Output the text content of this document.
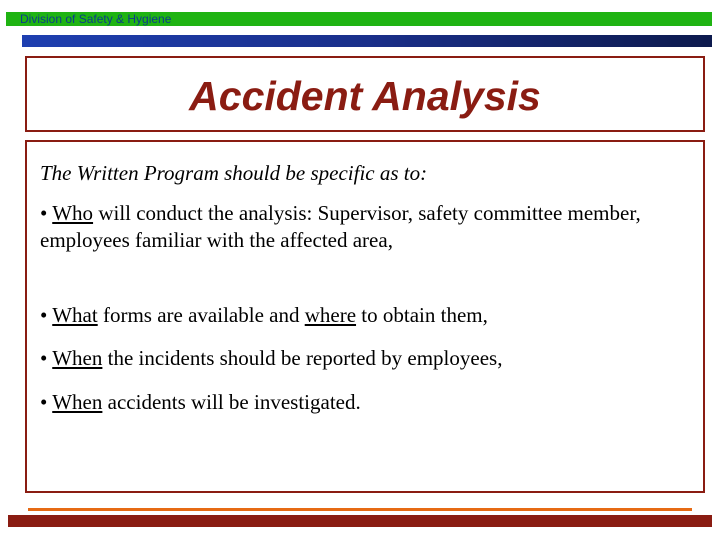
Division of Safety & Hygiene
Accident Analysis
The Written Program should be specific as to:
• Who will conduct the analysis: Supervisor, safety committee member, employees familiar with the affected area,
• What forms are available and where to obtain them,
• When the incidents should be reported by employees,
• When accidents will be investigated.
